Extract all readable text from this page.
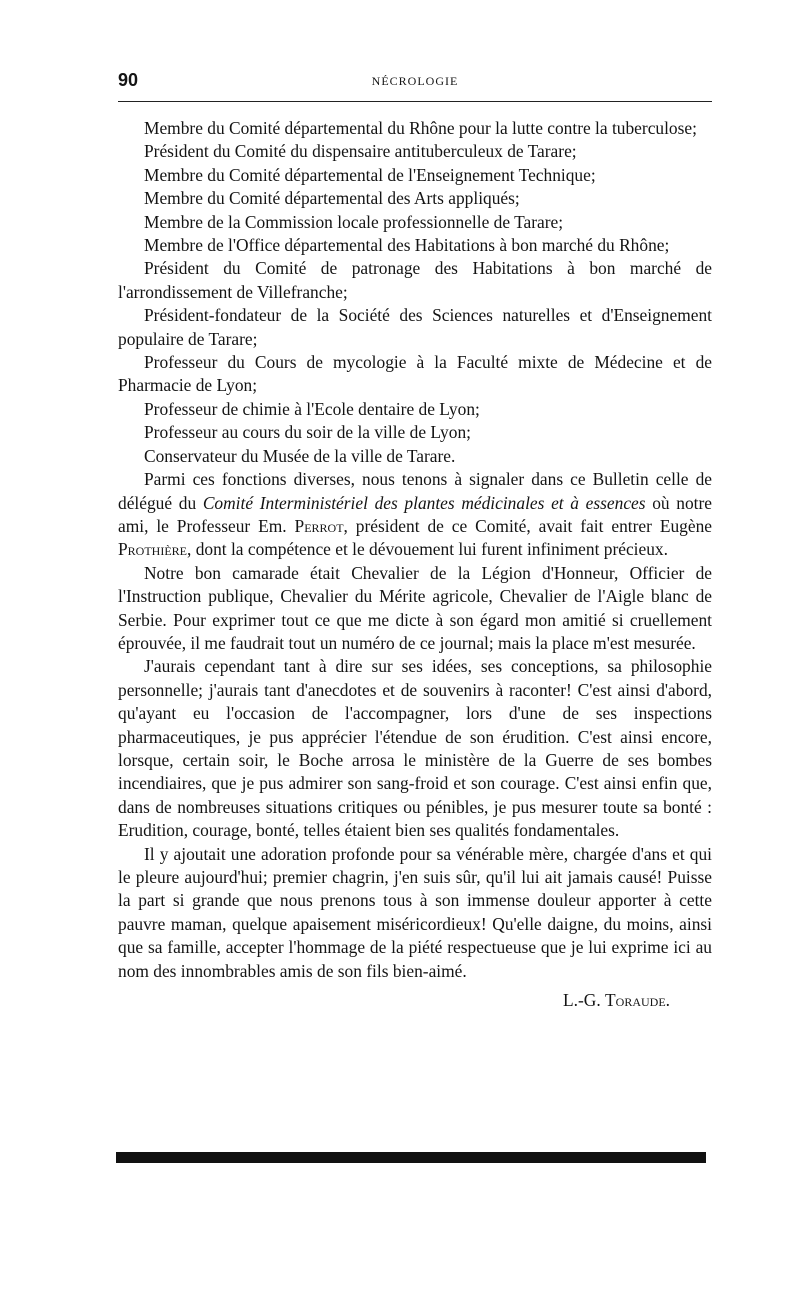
90	NÉCROLOGIE

Membre du Comité départemental du Rhône pour la lutte contre la tuberculose;

Président du Comité du dispensaire antituberculeux de Tarare;

Membre du Comité départemental de l'Enseignement Technique;

Membre du Comité départemental des Arts appliqués;

Membre de la Commission locale professionnelle de Tarare;

Membre de l'Office départemental des Habitations à bon marché du Rhône;

Président du Comité de patronage des Habitations à bon marché de l'arrondissement de Villefranche;

Président-fondateur de la Société des Sciences naturelles et d'Enseignement populaire de Tarare;

Professeur du Cours de mycologie à la Faculté mixte de Médecine et de Pharmacie de Lyon;

Professeur de chimie à l'Ecole dentaire de Lyon;

Professeur au cours du soir de la ville de Lyon;

Conservateur du Musée de la ville de Tarare.

Parmi ces fonctions diverses, nous tenons à signaler dans ce Bulletin celle de délégué du Comité Interministériel des plantes médicinales et à essences où notre ami, le Professeur Em. Perrot, président de ce Comité, avait fait entrer Eugène Prothière, dont la compétence et le dévouement lui furent infiniment précieux.

Notre bon camarade était Chevalier de la Légion d'Honneur, Officier de l'Instruction publique, Chevalier du Mérite agricole, Chevalier de l'Aigle blanc de Serbie. Pour exprimer tout ce que me dicte à son égard mon amitié si cruellement éprouvée, il me faudrait tout un numéro de ce journal; mais la place m'est mesurée.

J'aurais cependant tant à dire sur ses idées, ses conceptions, sa philosophie personnelle; j'aurais tant d'anecdotes et de souvenirs à raconter! C'est ainsi d'abord, qu'ayant eu l'occasion de l'accompagner, lors d'une de ses inspections pharmaceutiques, je pus apprécier l'étendue de son érudition. C'est ainsi encore, lorsque, certain soir, le Boche arrosa le ministère de la Guerre de ses bombes incendiaires, que je pus admirer son sang-froid et son courage. C'est ainsi enfin que, dans de nombreuses situations critiques ou pénibles, je pus mesurer toute sa bonté : Erudition, courage, bonté, telles étaient bien ses qualités fondamentales.

Il y ajoutait une adoration profonde pour sa vénérable mère, chargée d'ans et qui le pleure aujourd'hui; premier chagrin, j'en suis sûr, qu'il lui ait jamais causé! Puisse la part si grande que nous prenons tous à son immense douleur apporter à cette pauvre maman, quelque apaisement miséricordieux! Qu'elle daigne, du moins, ainsi que sa famille, accepter l'hommage de la piété respectueuse que je lui exprime ici au nom des innombrables amis de son fils bien-aimé.

L.-G. Toraude.
